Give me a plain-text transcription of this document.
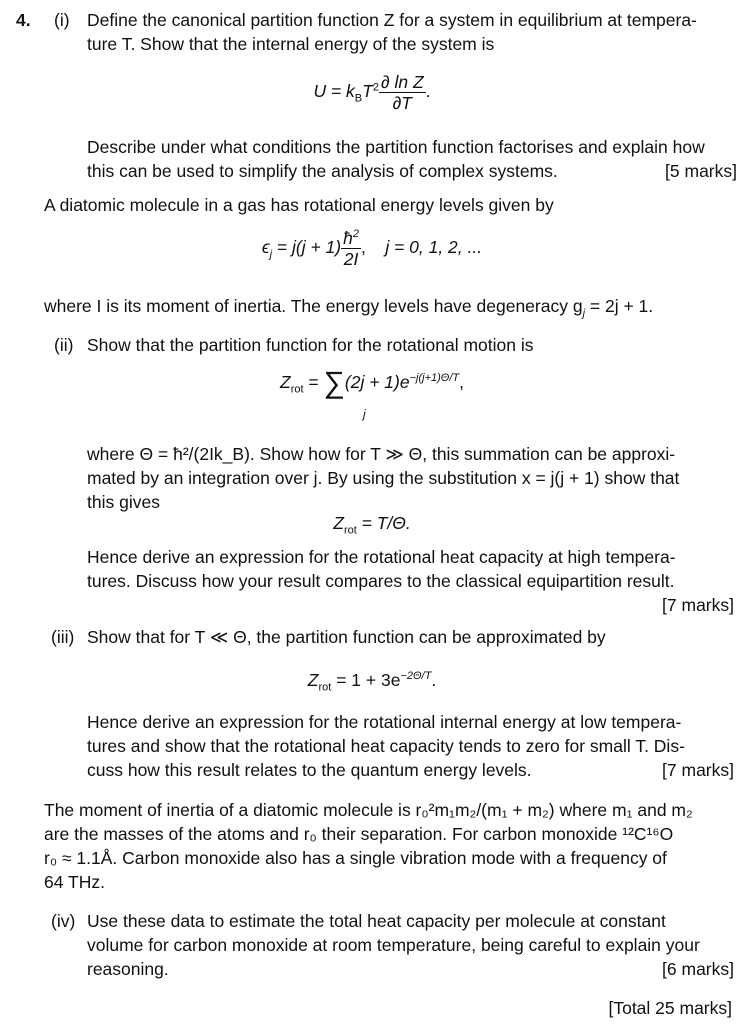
4. (i) Define the canonical partition function Z for a system in equilibrium at tempera-
ture T. Show that the internal energy of the system is
$U = k_BT^2 \frac{\text{∂ ln Z}}{\partial T}$ .
Describe under what conditions the partition function factorises and explain how
this can be used to simplify the analysis of complex systems.	[5 marks]
A diatomic molecule in a gas has rotational energy levels given by
$\epsilon_j = j(j + 1) \frac{ħ^2}{2I}$ , j = 0, 1, 2, ...
where I is its moment of inertia. The energy levels have degeneracy $g_j = 2j + 1$.
(ii) Show that the partition function for the rotational motion is
$Z_{rot} = \sum(2j + 1)e^{-j(j+1)\Theta/T}$,
j
where Θ = ħ²/(2Ik_B). Show how for T ≫ Θ, this summation can be approxi-
mated by an integration over j. By using the substitution x = j(j + 1) show that
this gives
$Z_{rot} = T/\Theta$.
Hence derive an expression for the rotational heat capacity at high tempera-
tures. Discuss how your result compares to the classical equipartition result.
[7 marks]
(iii) Show that for T ≪ Θ, the partition function can be approximated by
$Z_{rot} = 1 + 3e^{-2\Theta/T}$.
Hence derive an expression for the rotational internal energy at low tempera-
tures and show that the rotational heat capacity tends to zero for small T. Dis-
cuss how this result relates to the quantum energy levels.	[7 marks]
The moment of inertia of a diatomic molecule is r₀²m₁m₂/(m₁ + m₂) where m₁ and m₂
are the masses of the atoms and r₀ their separation. For carbon monoxide ¹²C¹⁶O
r₀ ≈ 1.1Å. Carbon monoxide also has a single vibration mode with a frequency of
64 THz.
(iv) Use these data to estimate the total heat capacity per molecule at constant
volume for carbon monoxide at room temperature, being careful to explain your
reasoning.	[6 marks]
[Total 25 marks]
